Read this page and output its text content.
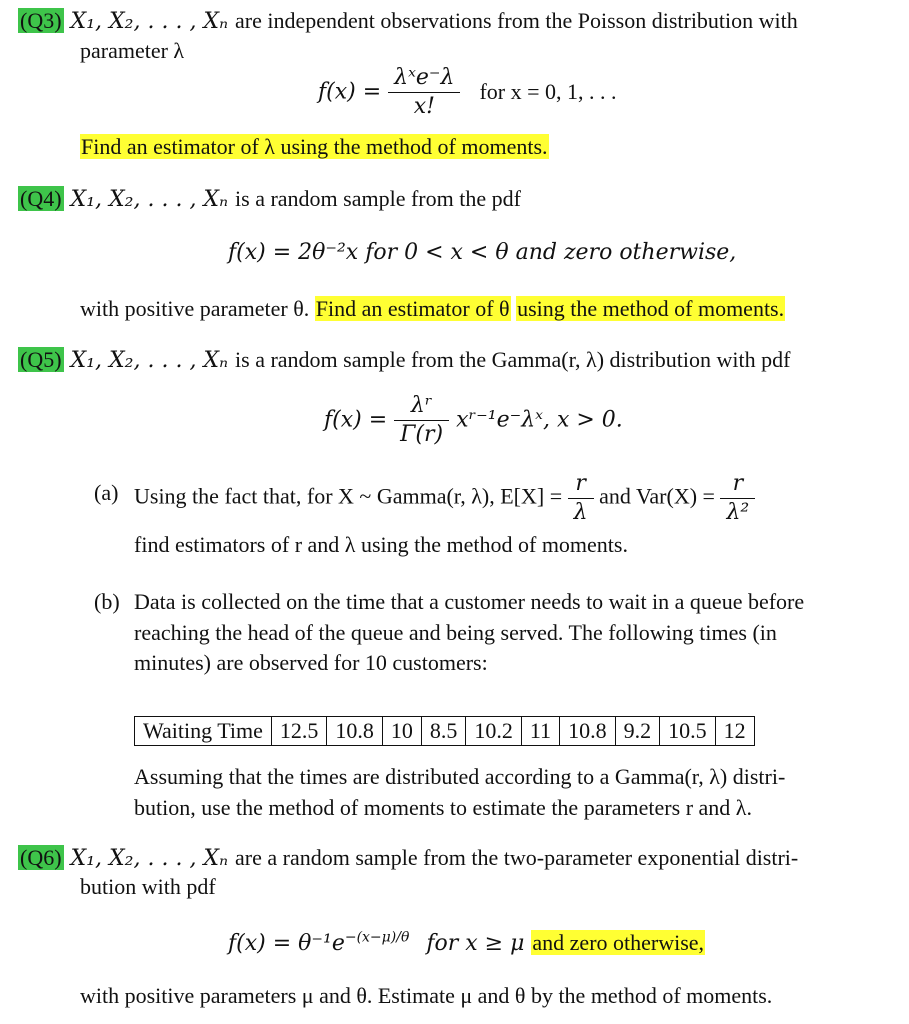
(Q3) X₁, X₂, . . . , Xₙ are independent observations from the Poisson distribution with
parameter λ
$f(x) = \frac{\text{λˣe⁻λ}}{x!}$ for x = 0, 1, . . .
Find an estimator of λ using the method of moments.
(Q4) X₁, X₂, . . . , Xₙ is a random sample from the pdf
f(x) = 2θ⁻²x for 0 < x < θ and zero otherwise,
with positive parameter θ. Find an estimator of θ using the method of moments.
(Q5) X₁, X₂, . . . , Xₙ is a random sample from the Gamma(r, λ) distribution with pdf
$f(x) = \frac{\text{λʳ}}{\Gamma(r)}$ xʳ⁻¹e⁻λˣ, x > 0.
(a) Using the fact that, for X ~ Gamma(r, λ), $E[X] = \frac{r}{\lambda}$ and $Var(X) = \frac{r}{\text{λ²}}$
find estimators of r and λ using the method of moments.
(b) Data is collected on the time that a customer needs to wait in a queue before
reaching the head of the queue and being served. The following times (in
minutes) are observed for 10 customers:
Waiting Time	12.5	10.8	10	8.5	10.2	11	10.8	9.2	10.5	12
Assuming that the times are distributed according to a Gamma(r, λ) distri-
bution, use the method of moments to estimate the parameters r and λ.
(Q6) X₁, X₂, . . . , Xₙ are a random sample from the two-parameter exponential distri-
bution with pdf
$f(x) = \theta^{-1}e^{-(x-\mu)/\theta}$ for x ≥ μ and zero otherwise,
with positive parameters μ and θ. Estimate μ and θ by the method of moments.
